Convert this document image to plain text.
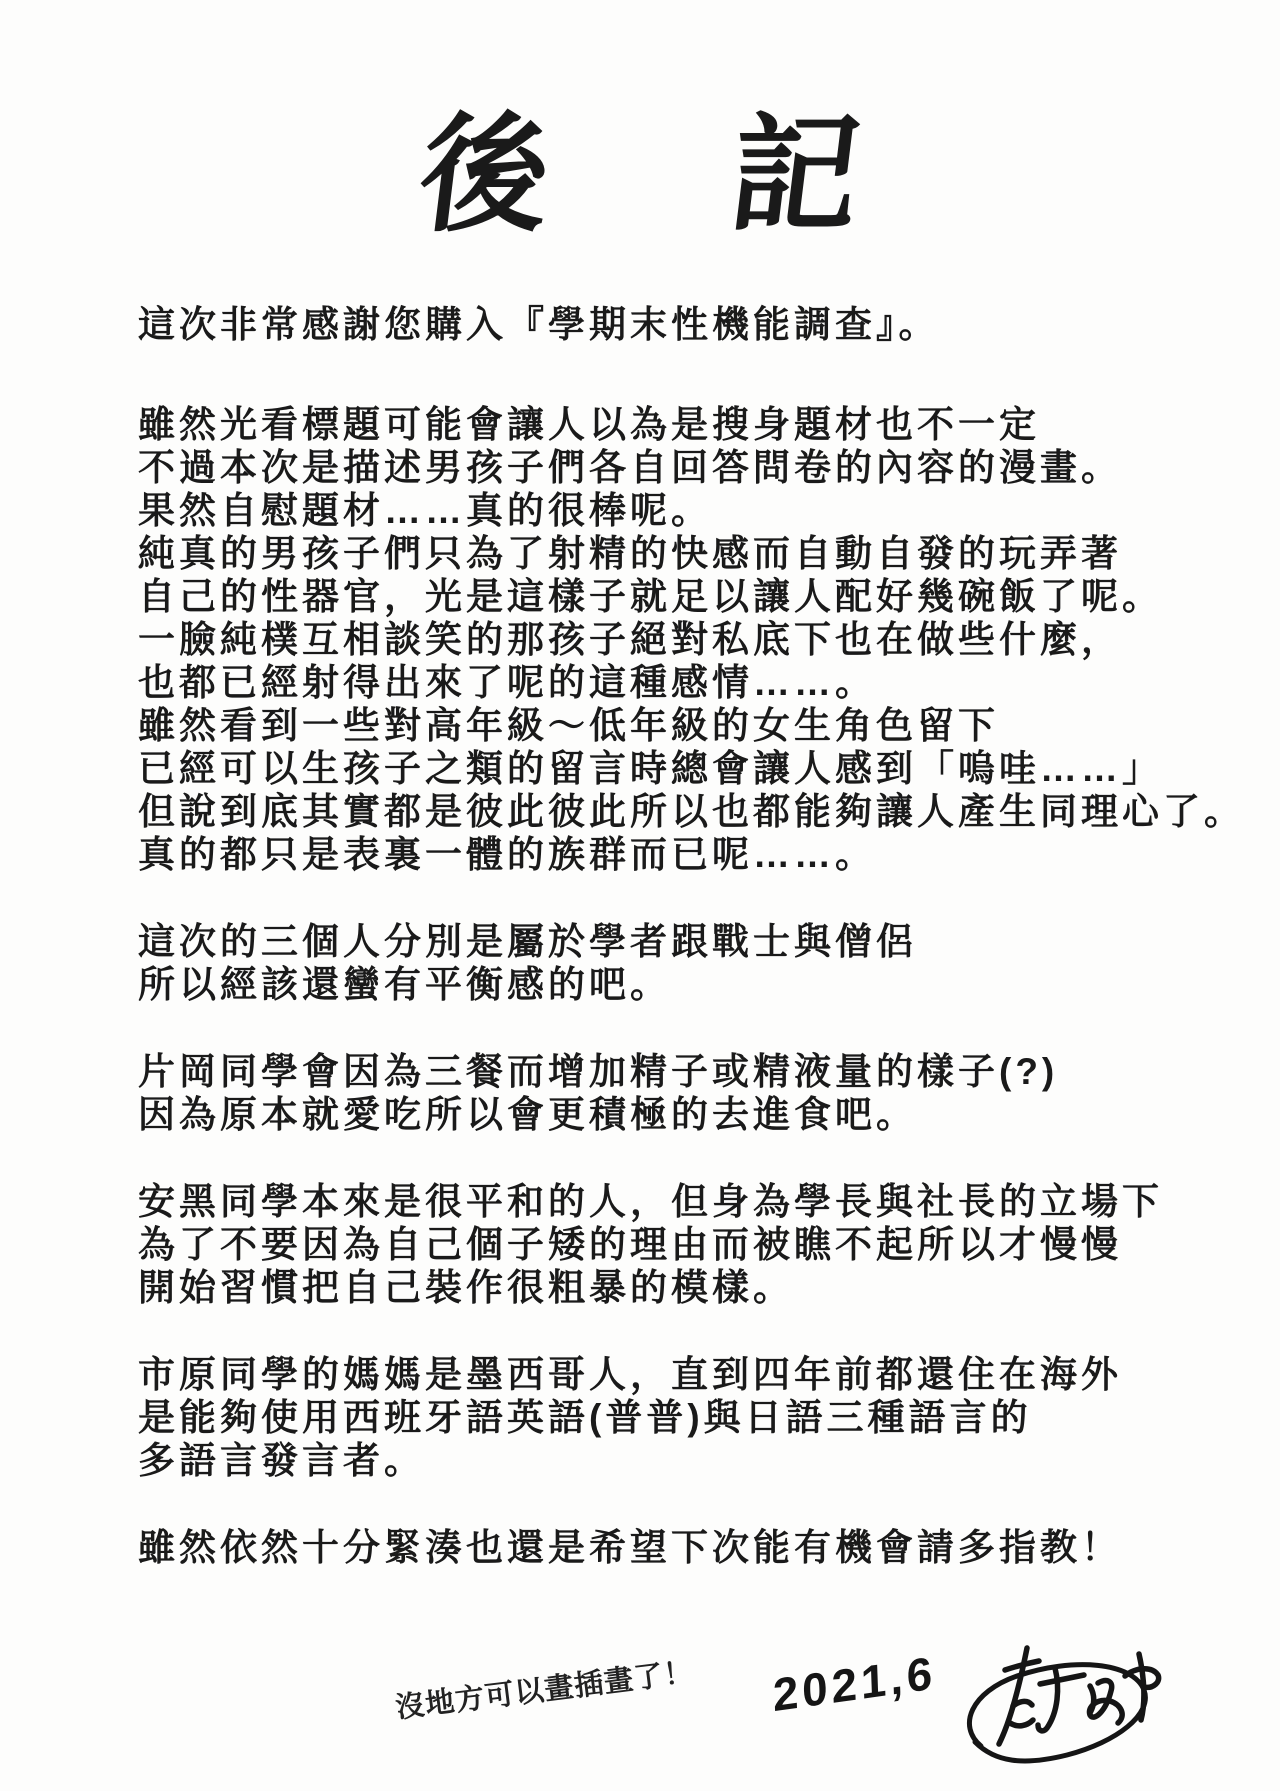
後 記

這次非常感謝您購入『學期末性機能調查』。

雖然光看標題可能會讓人以為是搜身題材也不一定
不過本次是描述男孩子們各自回答問卷的內容的漫畫。
果然自慰題材……真的很棒呢。
純真的男孩子們只為了射精的快感而自動自發的玩弄著
自己的性器官，光是這樣子就足以讓人配好幾碗飯了呢。
一臉純樸互相談笑的那孩子絕對私底下也在做些什麼，
也都已經射得出來了呢的這種感情……。
雖然看到一些對高年級～低年級的女生角色留下
已經可以生孩子之類的留言時總會讓人感到「嗚哇……」
但說到底其實都是彼此彼此所以也都能夠讓人產生同理心了。
真的都只是表裏一體的族群而已呢……。

這次的三個人分別是屬於學者跟戰士與僧侶
所以經該還蠻有平衡感的吧。

片岡同學會因為三餐而增加精子或精液量的樣子(?)
因為原本就愛吃所以會更積極的去進食吧。

安黑同學本來是很平和的人，但身為學長與社長的立場下
為了不要因為自己個子矮的理由而被瞧不起所以才慢慢
開始習慣把自己裝作很粗暴的模樣。

市原同學的媽媽是墨西哥人，直到四年前都還住在海外
是能夠使用西班牙語英語(普普)與日語三種語言的
多語言發言者。

雖然依然十分緊湊也還是希望下次能有機會請多指教！

沒地方可以畫插畫了！ 2021,6
